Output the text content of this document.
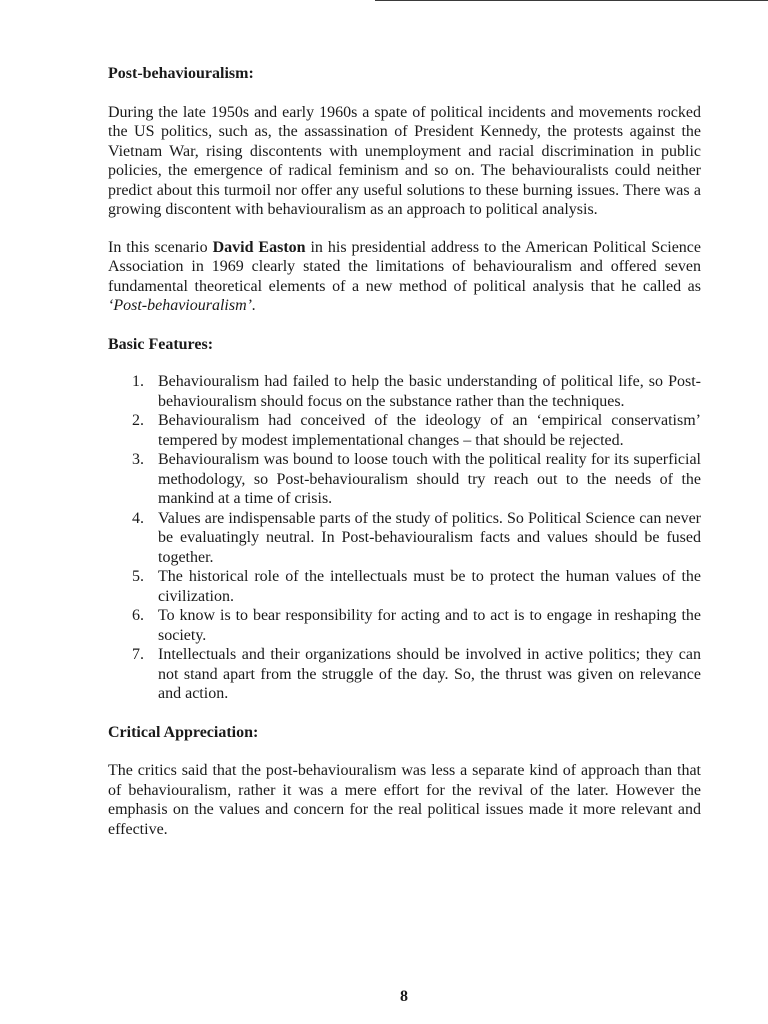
Post-behaviouralism:

During the late 1950s and early 1960s a spate of political incidents and movements rocked the US politics, such as, the assassination of President Kennedy, the protests against the Vietnam War, rising discontents with unemployment and racial discrimination in public policies, the emergence of radical feminism and so on. The behaviouralists could neither predict about this turmoil nor offer any useful solutions to these burning issues. There was a growing discontent with behaviouralism as an approach to political analysis.

In this scenario David Easton in his presidential address to the American Political Science Association in 1969 clearly stated the limitations of behaviouralism and offered seven fundamental theoretical elements of a new method of political analysis that he called as ‘Post-behaviouralism’.

Basic Features:

1. Behaviouralism had failed to help the basic understanding of political life, so Post-behaviouralism should focus on the substance rather than the techniques.
2. Behaviouralism had conceived of the ideology of an ‘empirical conservatism’ tempered by modest implementational changes – that should be rejected.
3. Behaviouralism was bound to loose touch with the political reality for its superficial methodology, so Post-behaviouralism should try reach out to the needs of the mankind at a time of crisis.
4. Values are indispensable parts of the study of politics. So Political Science can never be evaluatingly neutral. In Post-behaviouralism facts and values should be fused together.
5. The historical role of the intellectuals must be to protect the human values of the civilization.
6. To know is to bear responsibility for acting and to act is to engage in reshaping the society.
7. Intellectuals and their organizations should be involved in active politics; they can not stand apart from the struggle of the day. So, the thrust was given on relevance and action.

Critical Appreciation:

The critics said that the post-behaviouralism was less a separate kind of approach than that of behaviouralism, rather it was a mere effort for the revival of the later. However the emphasis on the values and concern for the real political issues made it more relevant and effective.

8
